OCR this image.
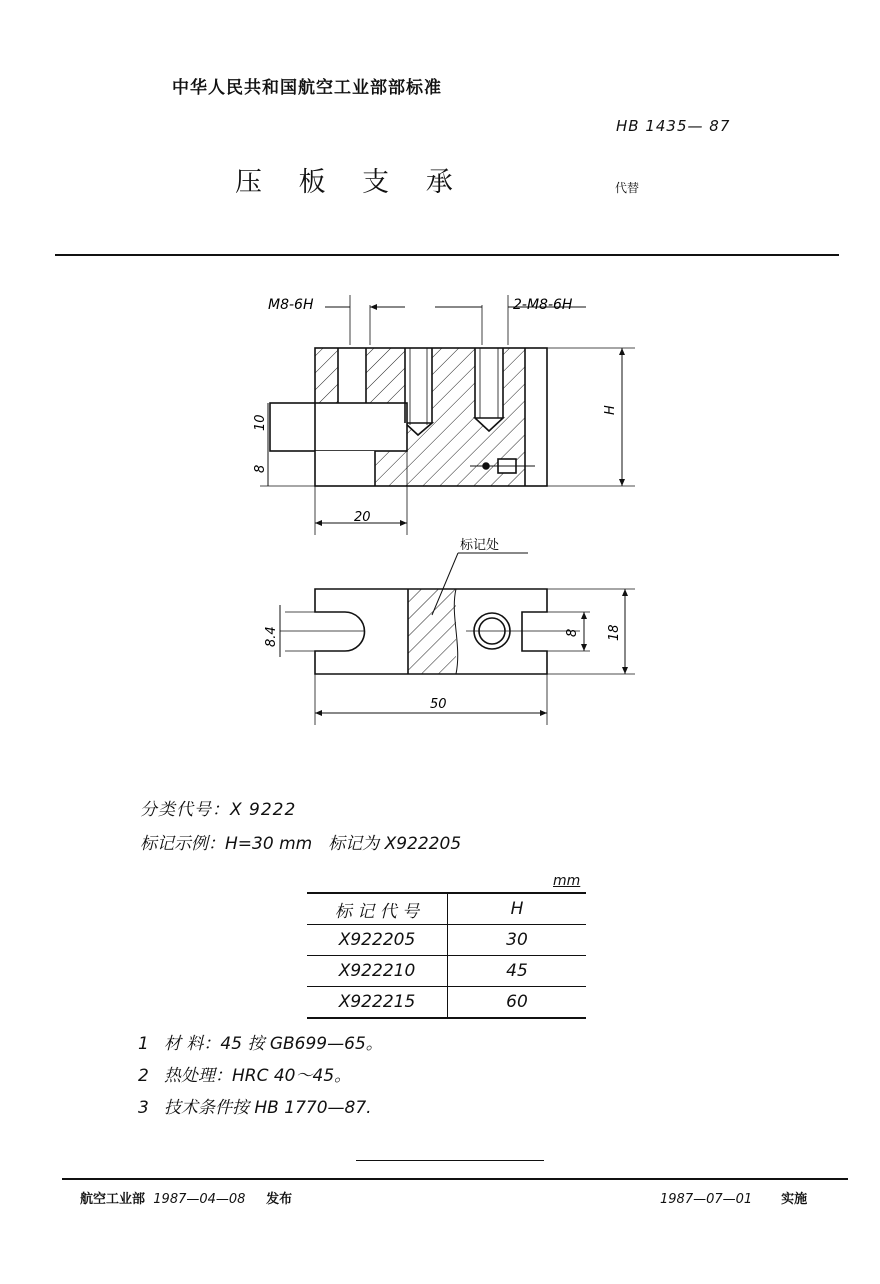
中华人民共和国航空工业部部标准
HB 1435— 87
压 板 支 承	代替
M8-6H	2-M8-6H
10
8
H
20
标记处
8.4	8 18
50
分类代号：X 9222
标记示例：H=30 mm 标记为 X922205
mm
标 记 代 号	H
X922205	30
X922210	45
X922215	60
1 材 料：45 按 GB699—65。
2 热处理：HRC 40～45。
3 技术条件按 HB 1770—87.
航空工业部 1987—04—08 发布	1987—07—01 实施
